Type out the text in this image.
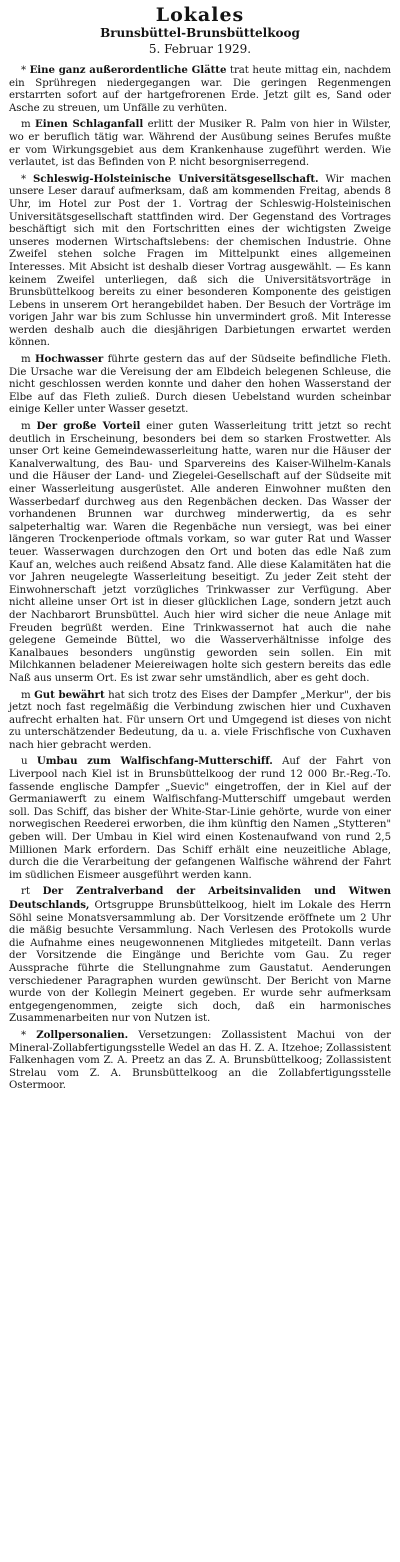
Lokales
Brunsbüttel-Brunsbüttelkoog
5. Februar 1929.

* Eine ganz außerordentliche Glätte trat heute mittag ein, nachdem ein Sprühregen niedergegangen war. Die geringen Regenmengen erstarrten sofort auf der hartgefrorenen Erde. Jetzt gilt es, Sand oder Asche zu streuen, um Unfälle zu verhüten.

m Einen Schlaganfall erlitt der Musiker R. Palm von hier in Wilster, wo er beruflich tätig war. Während der Ausübung seines Berufes mußte er vom Wirkungsgebiet aus dem Krankenhause zugeführt werden. Wie verlautet, ist das Befinden von P. nicht besorgniserregend.

* Schleswig-Holsteinische Universitätsgesellschaft. Wir machen unsere Leser darauf aufmerksam, daß am kommenden Freitag, abends 8 Uhr, im Hotel zur Post der 1. Vortrag der Schleswig-Holsteinischen Universitätsgesellschaft stattfinden wird. Der Gegenstand des Vortrages beschäftigt sich mit den Fortschritten eines der wichtigsten Zweige unseres modernen Wirtschaftslebens: der chemischen Industrie. Ohne Zweifel stehen solche Fragen im Mittelpunkt eines allgemeinen Interesses. Mit Absicht ist deshalb dieser Vortrag ausgewählt. — Es kann keinem Zweifel unterliegen, daß sich die Universitätsvorträge in Brunsbüttelkoog bereits zu einer besonderen Komponente des geistigen Lebens in unserem Ort herangebildet haben. Der Besuch der Vorträge im vorigen Jahr war bis zum Schlusse hin unvermindert groß. Mit Interesse werden deshalb auch die diesjährigen Darbietungen erwartet werden können.

m Hochwasser führte gestern das auf der Südseite befindliche Fleth. Die Ursache war die Vereisung der am Elbdeich belegenen Schleuse, die nicht geschlossen werden konnte und daher den hohen Wasserstand der Elbe auf das Fleth zuließ. Durch diesen Uebelstand wurden scheinbar einige Keller unter Wasser gesetzt.

m Der große Vorteil einer guten Wasserleitung tritt jetzt so recht deutlich in Erscheinung, besonders bei dem so starken Frostwetter. Als unser Ort keine Gemeindewasserleitung hatte, waren nur die Häuser der Kanalverwaltung, des Bau- und Sparvereins des Kaiser-Wilhelm-Kanals und die Häuser der Land- und Ziegelei-Gesellschaft auf der Südseite mit einer Wasserleitung ausgerüstet. Alle anderen Einwohner mußten den Wasserbedarf durchweg aus den Regenbächen decken. Das Wasser der vorhandenen Brunnen war durchweg minderwertig, da es sehr salpeterhaltig war. Waren die Regenbäche nun versiegt, was bei einer längeren Trockenperiode oftmals vorkam, so war guter Rat und Wasser teuer. Wasserwagen durchzogen den Ort und boten das edle Naß zum Kauf an, welches auch reißend Absatz fand. Alle diese Kalamitäten hat die vor Jahren neugelegte Wasserleitung beseitigt. Zu jeder Zeit steht der Einwohnerschaft jetzt vorzügliches Trinkwasser zur Verfügung. Aber nicht alleine unser Ort ist in dieser glücklichen Lage, sondern jetzt auch der Nachbarort Brunsbüttel. Auch hier wird sicher die neue Anlage mit Freuden begrüßt werden. Eine Trinkwassernot hat auch die nahe gelegene Gemeinde Büttel, wo die Wasserverhältnisse infolge des Kanalbaues besonders ungünstig geworden sein sollen. Ein mit Milchkannen beladener Meiereiwagen holte sich gestern bereits das edle Naß aus unserm Ort. Es ist zwar sehr umständlich, aber es geht doch.

m Gut bewährt hat sich trotz des Eises der Dampfer „Merkur", der bis jetzt noch fast regelmäßig die Verbindung zwischen hier und Cuxhaven aufrecht erhalten hat. Für unsern Ort und Umgegend ist dieses von nicht zu unterschätzender Bedeutung, da u. a. viele Frischfische von Cuxhaven nach hier gebracht werden.

u Umbau zum Walfischfang-Mutterschiff. Auf der Fahrt von Liverpool nach Kiel ist in Brunsbüttelkoog der rund 12 000 Br.-Reg.-To. fassende englische Dampfer „Suevic" eingetroffen, der in Kiel auf der Germaniawerft zu einem Walfischfang-Mutterschiff umgebaut werden soll. Das Schiff, das bisher der White-Star-Linie gehörte, wurde von einer norwegischen Reederei erworben, die ihm künftig den Namen „Stytteren" geben will. Der Umbau in Kiel wird einen Kostenaufwand von rund 2,5 Millionen Mark erfordern. Das Schiff erhält eine neuzeitliche Ablage, durch die die Verarbeitung der gefangenen Walfische während der Fahrt im südlichen Eismeer ausgeführt werden kann.

rt Der Zentralverband der Arbeitsinvaliden und Witwen Deutschlands, Ortsgruppe Brunsbüttelkoog, hielt im Lokale des Herrn Söhl seine Monatsversammlung ab. Der Vorsitzende eröffnete um 2 Uhr die mäßig besuchte Versammlung. Nach Verlesen des Protokolls wurde die Aufnahme eines neugewonnenen Mitgliedes mitgeteilt. Dann verlas der Vorsitzende die Eingänge und Berichte vom Gau. Zu reger Aussprache führte die Stellungnahme zum Gaustatut. Aenderungen verschiedener Paragraphen wurden gewünscht. Der Bericht von Marne wurde von der Kollegin Meinert gegeben. Er wurde sehr aufmerksam entgegengenommen, zeigte sich doch, daß ein harmonisches Zusammenarbeiten nur von Nutzen ist.

* Zollpersonalien. Versetzungen: Zollassistent Machui von der Mineral-Zollabfertigungsstelle Wedel an das H. Z. A. Itzehoe; Zollassistent Falkenhagen vom Z. A. Preetz an das Z. A. Brunsbüttelkoog; Zollassistent Strelau vom Z. A. Brunsbüttelkoog an die Zollabfertigungsstelle Ostermoor.
